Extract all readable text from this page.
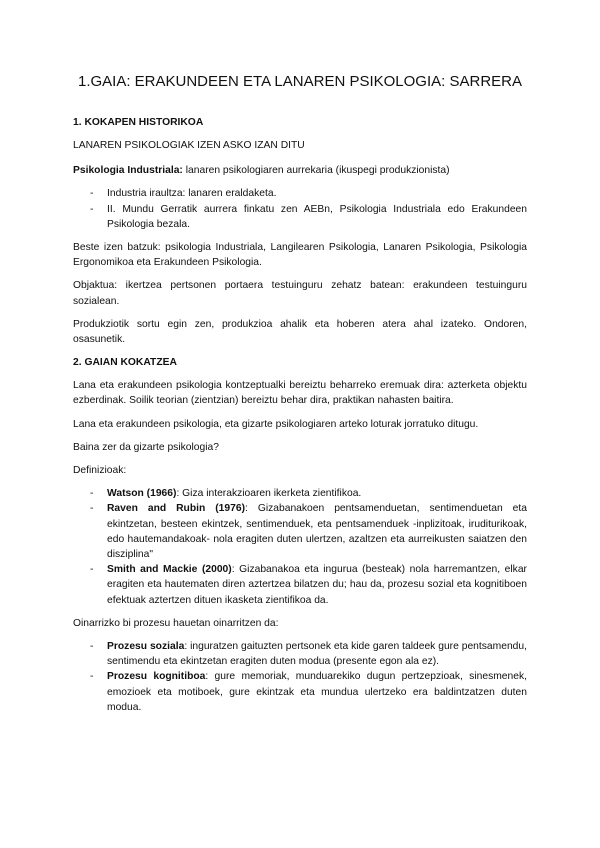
1.GAIA: ERAKUNDEEN ETA LANAREN PSIKOLOGIA: SARRERA
1. KOKAPEN HISTORIKOA

LANAREN PSIKOLOGIAK IZEN ASKO IZAN DITU

Psikologia Industriala: lanaren psikologiaren aurrekaria (ikuspegi produkzionista)

- Industria iraultza: lanaren eraldaketa.
- II. Mundu Gerratik aurrera finkatu zen AEBn, Psikologia Industriala edo Erakundeen Psikologia bezala.

Beste izen batzuk: psikologia Industriala, Langilearen Psikologia, Lanaren Psikologia, Psikologia Ergonomikoa eta Erakundeen Psikologia.

Objaktua: ikertzea pertsonen portaera testuinguru zehatz batean: erakundeen testuinguru sozialean.

Produkziotik sortu egin zen, produkzioa ahalik eta hoberen atera ahal izateko. Ondoren, osasunetik.

2. GAIAN KOKATZEA

Lana eta erakundeen psikologia kontzeptualki bereiztu beharreko eremuak dira: azterketa objektu ezberdinak. Soilik teorian (zientzian) bereiztu behar dira, praktikan nahasten baitira.

Lana eta erakundeen psikologia, eta gizarte psikologiaren arteko loturak jorratuko ditugu.

Baina zer da gizarte psikologia?

Definizioak:

- Watson (1966): Giza interakzioaren ikerketa zientifikoa.
- Raven and Rubin (1976): Gizabanakoen pentsamenduetan, sentimenduetan eta ekintzetan, besteen ekintzek, sentimenduek, eta pentsamenduek -inplizitoak, iruditurikoak, edo hautemandakoak- nola eragiten duten ulertzen, azaltzen eta aurreikusten saiatzen den disziplina"
- Smith and Mackie (2000): Gizabanakoa eta ingurua (besteak) nola harremantzen, elkar eragiten eta hautematen diren aztertzea bilatzen du; hau da, prozesu sozial eta kognitiboen efektuak aztertzen dituen ikasketa zientifikoa da.

Oinarrizko bi prozesu hauetan oinarritzen da:

- Prozesu soziala: inguratzen gaituzten pertsonek eta kide garen taldeek gure pentsamendu, sentimendu eta ekintzetan eragiten duten modua (presente egon ala ez).
- Prozesu kognitiboa: gure memoriak, munduarekiko dugun pertzepzioak, sinesmenek, emozioek eta motiboek, gure ekintzak eta mundua ulertzeko era baldintzatzen duten modua.
